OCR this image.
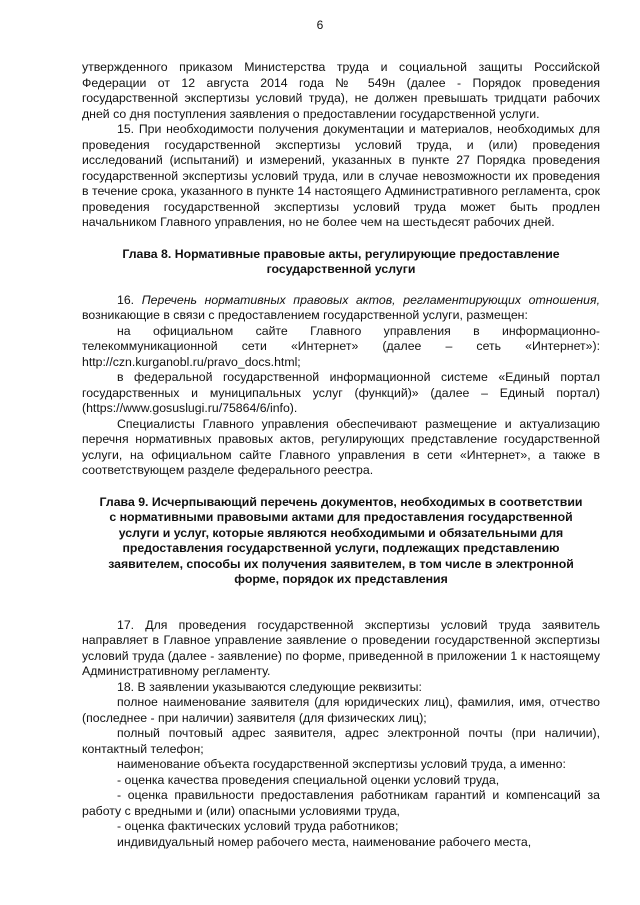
6

утвержденного приказом Министерства труда и социальной защиты Российской Федерации от 12 августа 2014 года № 549н (далее - Порядок проведения государственной экспертизы условий труда), не должен превышать тридцати рабочих дней со дня поступления заявления о предоставлении государственной услуги.

15. При необходимости получения документации и материалов, необходимых для проведения государственной экспертизы условий труда, и (или) проведения исследований (испытаний) и измерений, указанных в пункте 27 Порядка проведения государственной экспертизы условий труда, или в случае невозможности их проведения в течение срока, указанного в пункте 14 настоящего Административного регламента, срок проведения государственной экспертизы условий труда может быть продлен начальником Главного управления, но не более чем на шестьдесят рабочих дней.

Глава 8. Нормативные правовые акты, регулирующие предоставление государственной услуги

16. Перечень нормативных правовых актов, регламентирующих отношения, возникающие в связи с предоставлением государственной услуги, размещен:

на официальном сайте Главного управления в информационно-телекоммуникационной сети «Интернет» (далее – сеть «Интернет»): http://czn.kurganobl.ru/pravo_docs.html;

в федеральной государственной информационной системе «Единый портал государственных и муниципальных услуг (функций)» (далее – Единый портал) (https://www.gosuslugi.ru/75864/6/info).

Специалисты Главного управления обеспечивают размещение и актуализацию перечня нормативных правовых актов, регулирующих представление государственной услуги, на официальном сайте Главного управления в сети «Интернет», а также в соответствующем разделе федерального реестра.

Глава 9. Исчерпывающий перечень документов, необходимых в соответствии с нормативными правовыми актами для предоставления государственной услуги и услуг, которые являются необходимыми и обязательными для предоставления государственной услуги, подлежащих представлению заявителем, способы их получения заявителем, в том числе в электронной форме, порядок их представления

17. Для проведения государственной экспертизы условий труда заявитель направляет в Главное управление заявление о проведении государственной экспертизы условий труда (далее - заявление) по форме, приведенной в приложении 1 к настоящему Административному регламенту.

18. В заявлении указываются следующие реквизиты:

полное наименование заявителя (для юридических лиц), фамилия, имя, отчество (последнее - при наличии) заявителя (для физических лиц);

полный почтовый адрес заявителя, адрес электронной почты (при наличии), контактный телефон;

наименование объекта государственной экспертизы условий труда, а именно:

- оценка качества проведения специальной оценки условий труда,

- оценка правильности предоставления работникам гарантий и компенсаций за работу с вредными и (или) опасными условиями труда,

- оценка фактических условий труда работников;

индивидуальный номер рабочего места, наименование рабочего места,
